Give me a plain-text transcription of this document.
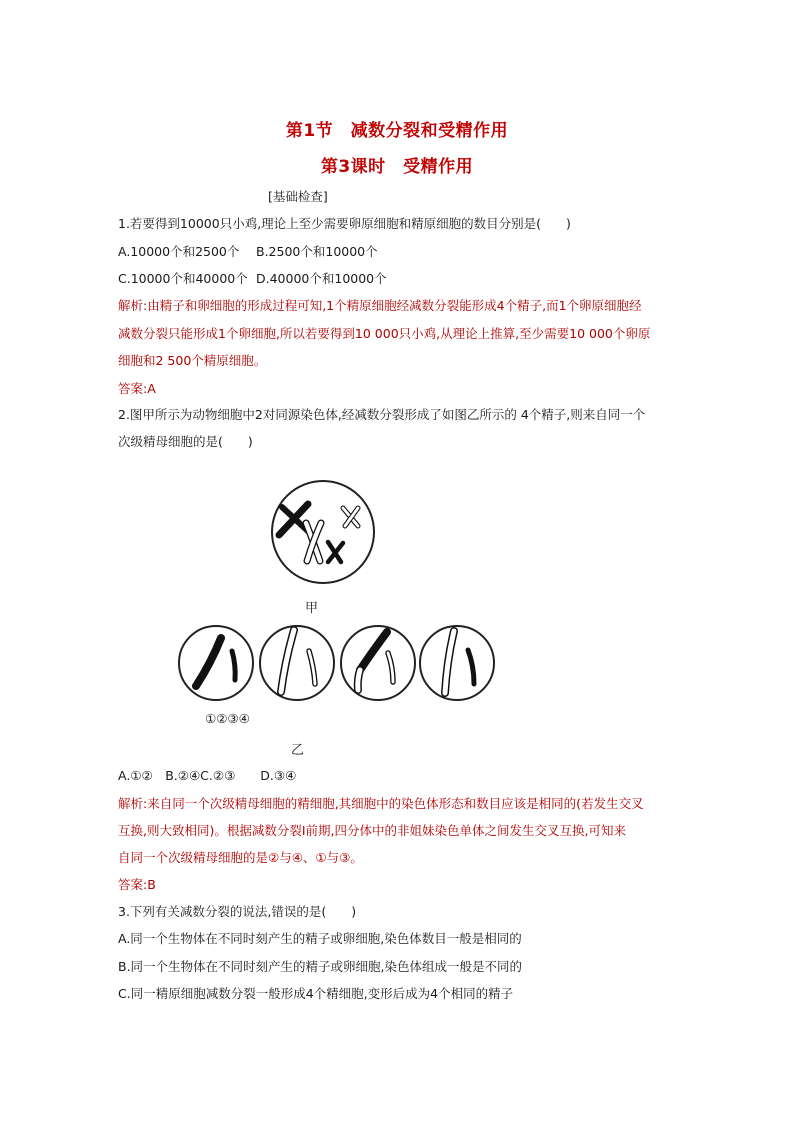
第1节　减数分裂和受精作用
第3课时　受精作用
[基础检查]
1.若要得到10000只小鸡,理论上至少需要卵原细胞和精原细胞的数目分别是(　　)
A.10000个和2500个 B.2500个和10000个
C.10000个和40000个 D.40000个和10000个
解析:由精子和卵细胞的形成过程可知,1个精原细胞经减数分裂能形成4个精子,而1个卵原细胞经
减数分裂只能形成1个卵细胞,所以若要得到10 000只小鸡,从理论上推算,至少需要10 000个卵原
细胞和2 500个精原细胞。
答案:A
2.图甲所示为动物细胞中2对同源染色体,经减数分裂形成了如图乙所示的 4个精子,则来自同一个
次级精母细胞的是(　　)
甲
①②③④
乙
A.①②　B.②④C.②③　　D.③④
解析:来自同一个次级精母细胞的精细胞,其细胞中的染色体形态和数目应该是相同的(若发生交叉
互换,则大致相同)。根据减数分裂Ⅰ前期,四分体中的非姐妹染色单体之间发生交叉互换,可知来
自同一个次级精母细胞的是②与④、①与③。
答案:B
3.下列有关减数分裂的说法,错误的是(　　)
A.同一个生物体在不同时刻产生的精子或卵细胞,染色体数目一般是相同的
B.同一个生物体在不同时刻产生的精子或卵细胞,染色体组成一般是不同的
C.同一精原细胞减数分裂一般形成4个精细胞,变形后成为4个相同的精子
